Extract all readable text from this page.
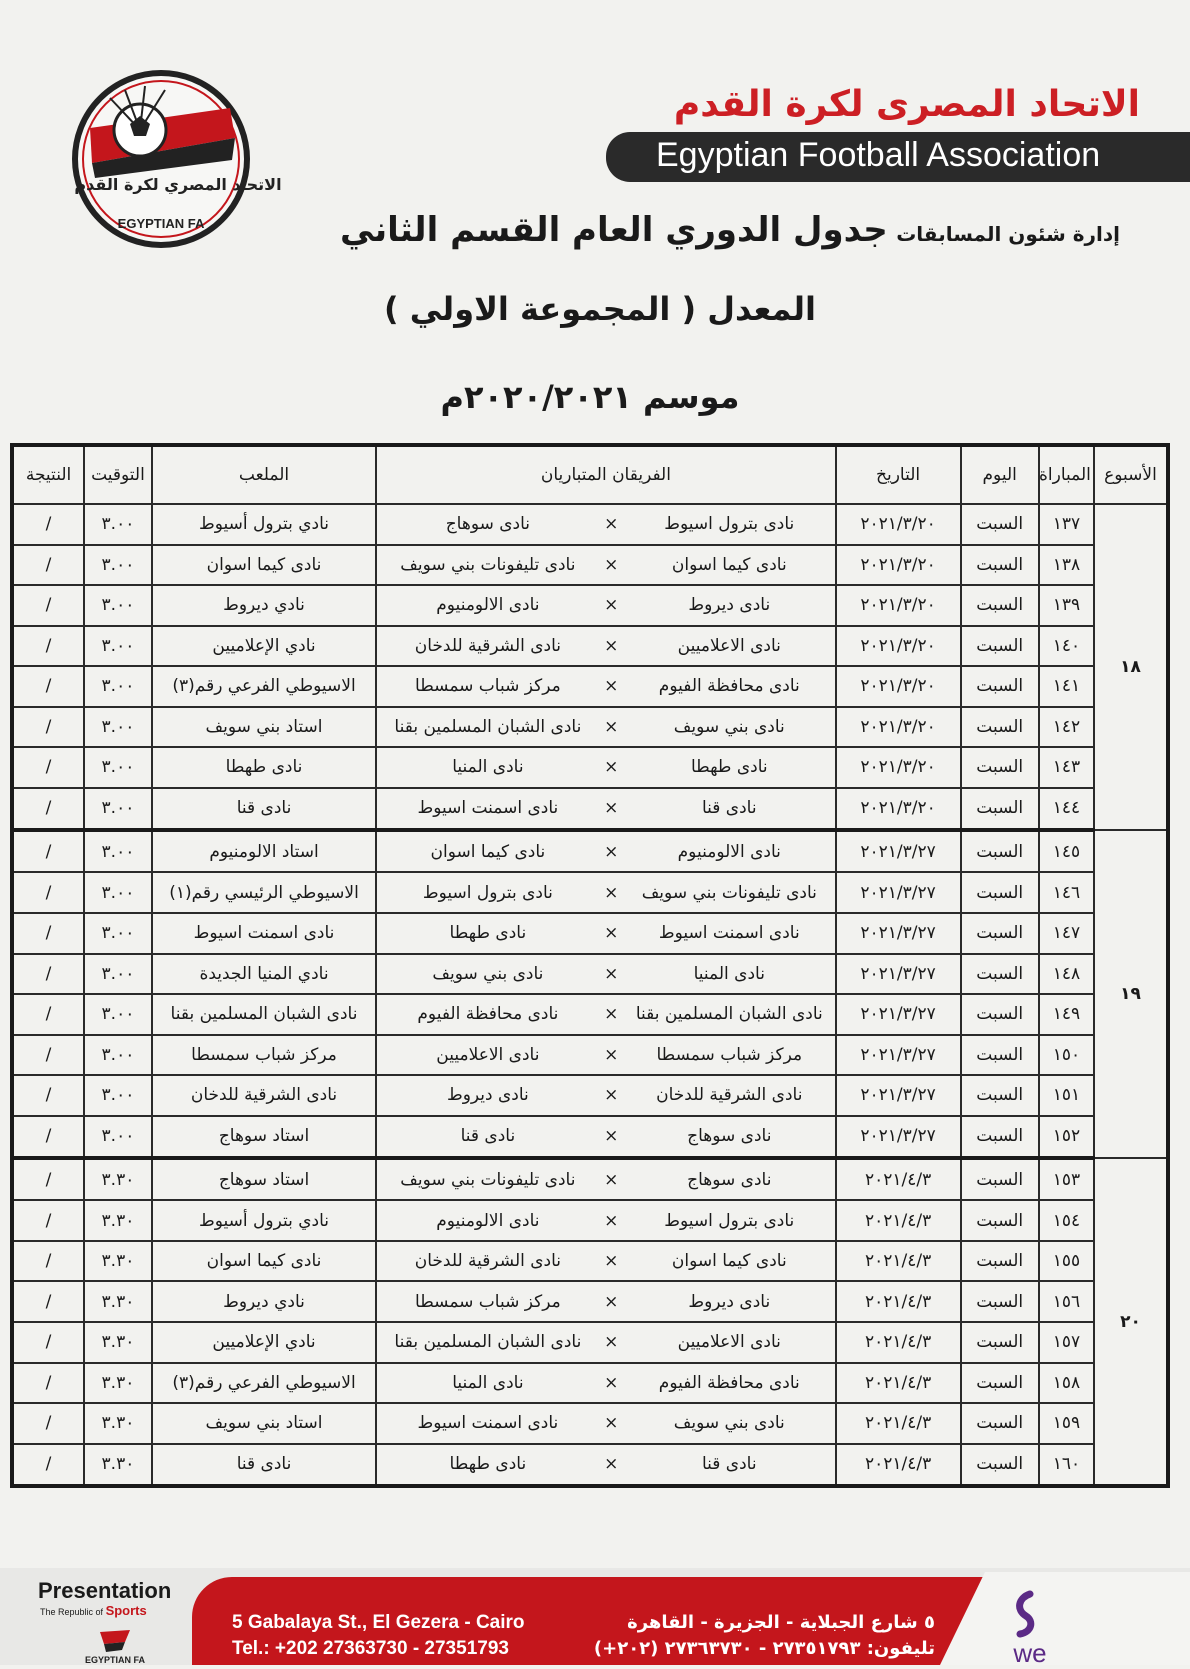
الاتحاد المصري لكرة القدم
EGYPTIAN FA
الاتحاد المصرى لكرة القدم
Egyptian Football Association
إدارة شئون المسابقات
جدول الدوري العام القسم الثاني
( المجموعة الاولي ) المعدل
موسم ٢٠٢٠/٢٠٢١م
الأسبوع	المباراة	اليوم	التاريخ	الفريقان المتباريان			الملعب	التوقيت	النتيجة
١٨	١٣٧	السبت	٢٠٢١/٣/٢٠	نادى بترول اسيوط	×	نادى سوهاج	نادي بترول أسيوط	٣.٠٠	/
	١٣٨	السبت	٢٠٢١/٣/٢٠	نادى كيما اسوان	×	نادى تليفونات بني سويف	نادى كيما اسوان	٣.٠٠	/
	١٣٩	السبت	٢٠٢١/٣/٢٠	نادى ديروط	×	نادى الالومنيوم	نادي ديروط	٣.٠٠	/
	١٤٠	السبت	٢٠٢١/٣/٢٠	نادى الاعلاميين	×	نادى الشرقية للدخان	نادي الإعلاميين	٣.٠٠	/
	١٤١	السبت	٢٠٢١/٣/٢٠	نادى محافظة الفيوم	×	مركز شباب سمسطا	الاسيوطي الفرعي رقم(٣)	٣.٠٠	/
	١٤٢	السبت	٢٠٢١/٣/٢٠	نادى بني سويف	×	نادى الشبان المسلمين بقنا	استاد بني سويف	٣.٠٠	/
	١٤٣	السبت	٢٠٢١/٣/٢٠	نادى طهطا	×	نادى المنيا	نادى طهطا	٣.٠٠	/
	١٤٤	السبت	٢٠٢١/٣/٢٠	نادى قنا	×	نادى اسمنت اسيوط	نادى قنا	٣.٠٠	/
١٩	١٤٥	السبت	٢٠٢١/٣/٢٧	نادى الالومنيوم	×	نادى كيما اسوان	استاد الالومنيوم	٣.٠٠	/
	١٤٦	السبت	٢٠٢١/٣/٢٧	نادى تليفونات بني سويف	×	نادى بترول اسيوط	الاسيوطي الرئيسي رقم(١)	٣.٠٠	/
	١٤٧	السبت	٢٠٢١/٣/٢٧	نادى اسمنت اسيوط	×	نادى طهطا	نادى اسمنت اسيوط	٣.٠٠	/
	١٤٨	السبت	٢٠٢١/٣/٢٧	نادى المنيا	×	نادى بني سويف	نادي المنيا الجديدة	٣.٠٠	/
	١٤٩	السبت	٢٠٢١/٣/٢٧	نادى الشبان المسلمين بقنا	×	نادى محافظة الفيوم	نادى الشبان المسلمين بقنا	٣.٠٠	/
	١٥٠	السبت	٢٠٢١/٣/٢٧	مركز شباب سمسطا	×	نادى الاعلاميين	مركز شباب سمسطا	٣.٠٠	/
	١٥١	السبت	٢٠٢١/٣/٢٧	نادى الشرقية للدخان	×	نادى ديروط	نادى الشرقية للدخان	٣.٠٠	/
	١٥٢	السبت	٢٠٢١/٣/٢٧	نادى سوهاج	×	نادى قنا	استاد سوهاج	٣.٠٠	/
٢٠	١٥٣	السبت	٢٠٢١/٤/٣	نادى سوهاج	×	نادى تليفونات بني سويف	استاد سوهاج	٣.٣٠	/
	١٥٤	السبت	٢٠٢١/٤/٣	نادى بترول اسيوط	×	نادى الالومنيوم	نادي بترول أسيوط	٣.٣٠	/
	١٥٥	السبت	٢٠٢١/٤/٣	نادى كيما اسوان	×	نادى الشرقية للدخان	نادى كيما اسوان	٣.٣٠	/
	١٥٦	السبت	٢٠٢١/٤/٣	نادى ديروط	×	مركز شباب سمسطا	نادي ديروط	٣.٣٠	/
	١٥٧	السبت	٢٠٢١/٤/٣	نادى الاعلاميين	×	نادى الشبان المسلمين بقنا	نادي الإعلاميين	٣.٣٠	/
	١٥٨	السبت	٢٠٢١/٤/٣	نادى محافظة الفيوم	×	نادى المنيا	الاسيوطي الفرعي رقم(٣)	٣.٣٠	/
	١٥٩	السبت	٢٠٢١/٤/٣	نادى بني سويف	×	نادى اسمنت اسيوط	استاد بني سويف	٣.٣٠	/
	١٦٠	السبت	٢٠٢١/٤/٣	نادى قنا	×	نادى طهطا	نادى قنا	٣.٣٠	/
Presentation
The Republic of Sports
EGYPTIAN FA
5 Gabalaya St., El Gezera - Cairo
Tel.: +202 27363730 - 27351793
٥ شارع الجبلاية - الجزيرة - القاهرة
تليفون: ٢٧٣٥١٧٩٣ - ٢٧٣٦٣٧٣٠ (٢٠٢+)	we
